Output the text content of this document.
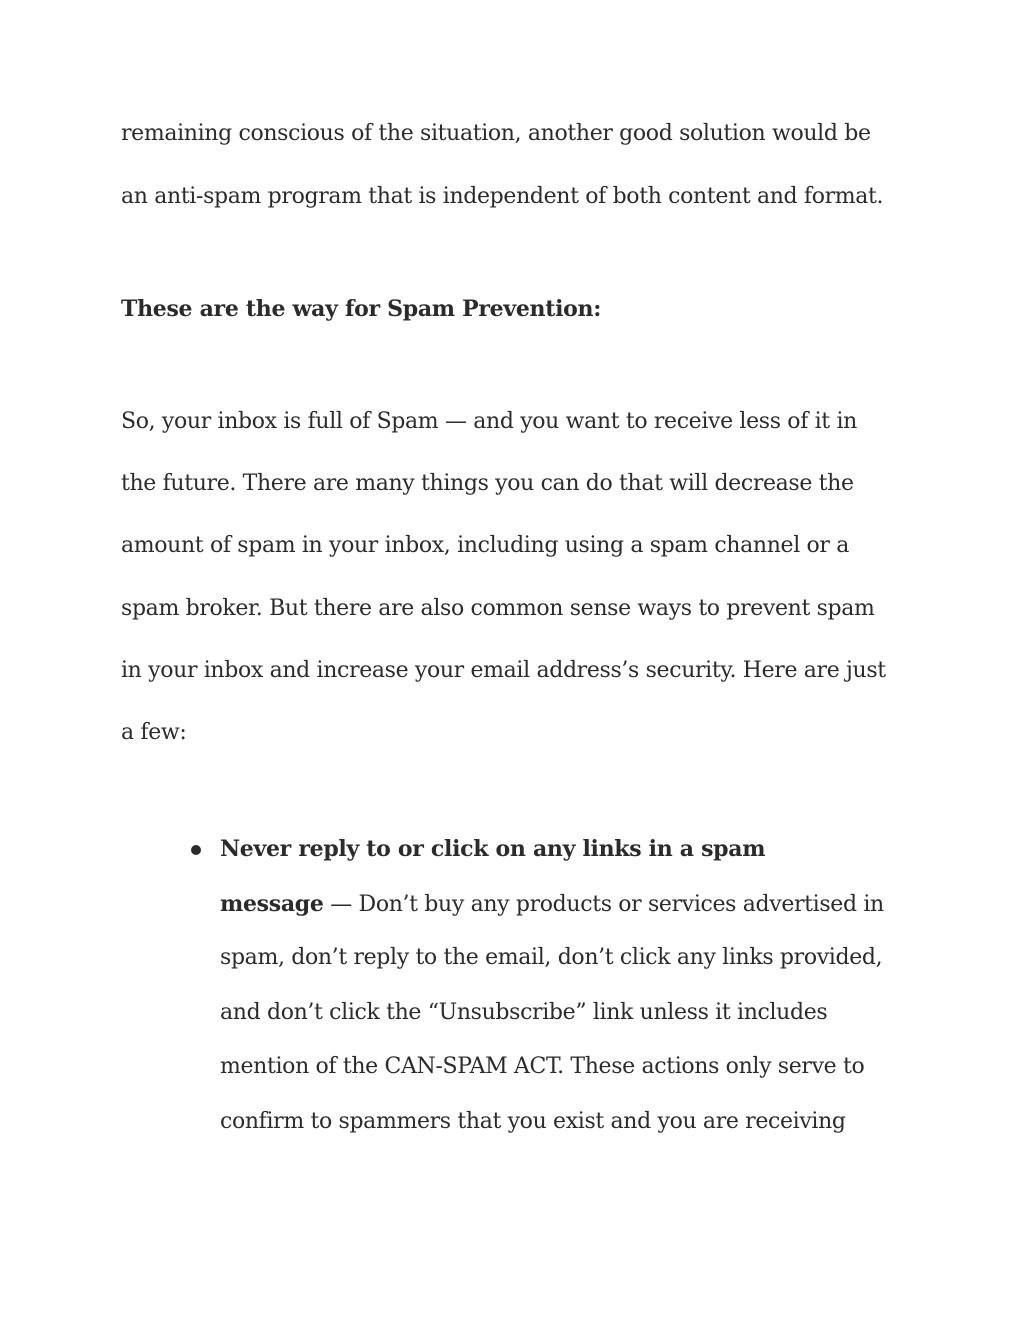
remaining conscious of the situation, another good solution would be

an anti-spam program that is independent of both content and format.

These are the way for Spam Prevention:

So, your inbox is full of Spam — and you want to receive less of it in

the future. There are many things you can do that will decrease the

amount of spam in your inbox, including using a spam channel or a

spam broker. But there are also common sense ways to prevent spam

in your inbox and increase your email address’s security. Here are just

a few:

Never reply to or click on any links in a spam

message — Don’t buy any products or services advertised in

spam, don’t reply to the email, don’t click any links provided,

and don’t click the “Unsubscribe” link unless it includes

mention of the CAN-SPAM ACT. These actions only serve to

confirm to spammers that you exist and you are receiving
